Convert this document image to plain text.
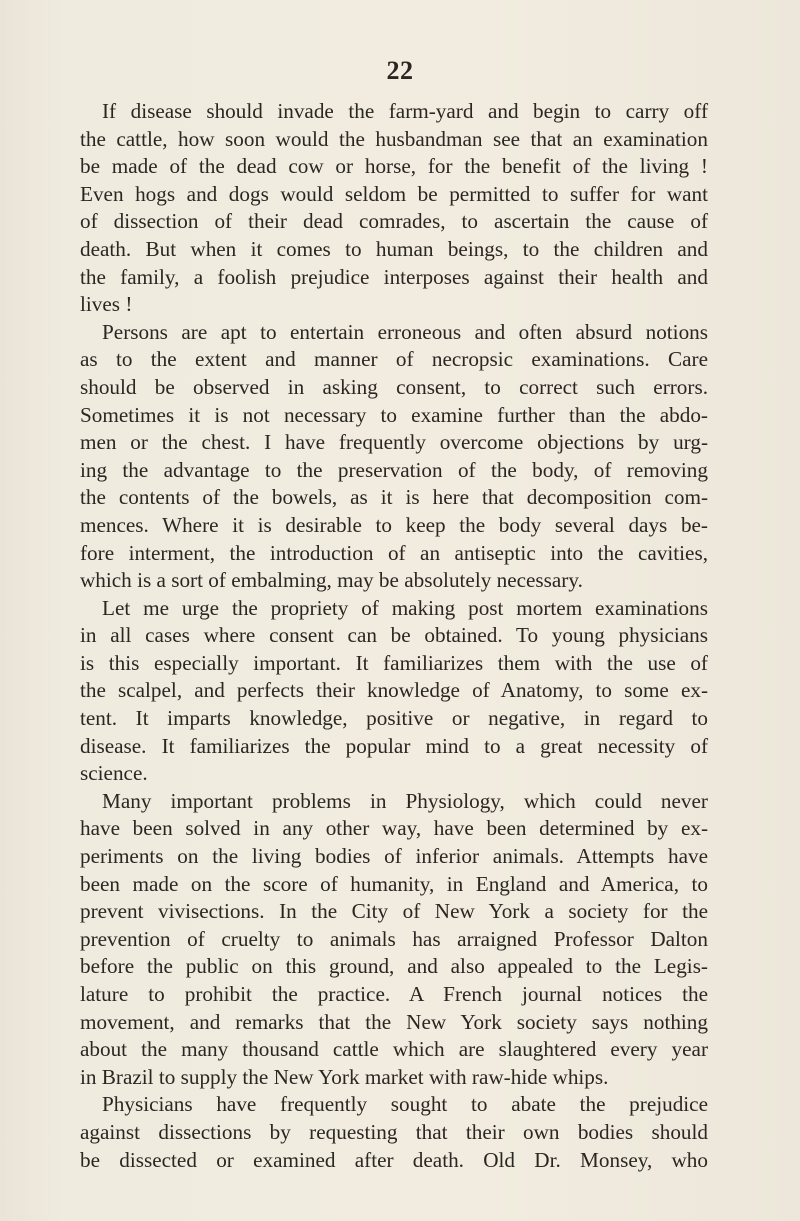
22
If disease should invade the farm-yard and begin to carry off
the cattle, how soon would the husbandman see that an examination
be made of the dead cow or horse, for the benefit of the living !
Even hogs and dogs would seldom be permitted to suffer for want
of dissection of their dead comrades, to ascertain the cause of
death. But when it comes to human beings, to the children and
the family, a foolish prejudice interposes against their health and
lives !
Persons are apt to entertain erroneous and often absurd notions
as to the extent and manner of necropsic examinations. Care
should be observed in asking consent, to correct such errors.
Sometimes it is not necessary to examine further than the abdo-
men or the chest. I have frequently overcome objections by urg-
ing the advantage to the preservation of the body, of removing
the contents of the bowels, as it is here that decomposition com-
mences. Where it is desirable to keep the body several days be-
fore interment, the introduction of an antiseptic into the cavities,
which is a sort of embalming, may be absolutely necessary.
Let me urge the propriety of making post mortem examinations
in all cases where consent can be obtained. To young physicians
is this especially important. It familiarizes them with the use of
the scalpel, and perfects their knowledge of Anatomy, to some ex-
tent. It imparts knowledge, positive or negative, in regard to
disease. It familiarizes the popular mind to a great necessity of
science.
Many important problems in Physiology, which could never
have been solved in any other way, have been determined by ex-
periments on the living bodies of inferior animals. Attempts have
been made on the score of humanity, in England and America, to
prevent vivisections. In the City of New York a society for the
prevention of cruelty to animals has arraigned Professor Dalton
before the public on this ground, and also appealed to the Legis-
lature to prohibit the practice. A French journal notices the
movement, and remarks that the New York society says nothing
about the many thousand cattle which are slaughtered every year
in Brazil to supply the New York market with raw-hide whips.
Physicians have frequently sought to abate the prejudice
against dissections by requesting that their own bodies should
be dissected or examined after death. Old Dr. Monsey, who
